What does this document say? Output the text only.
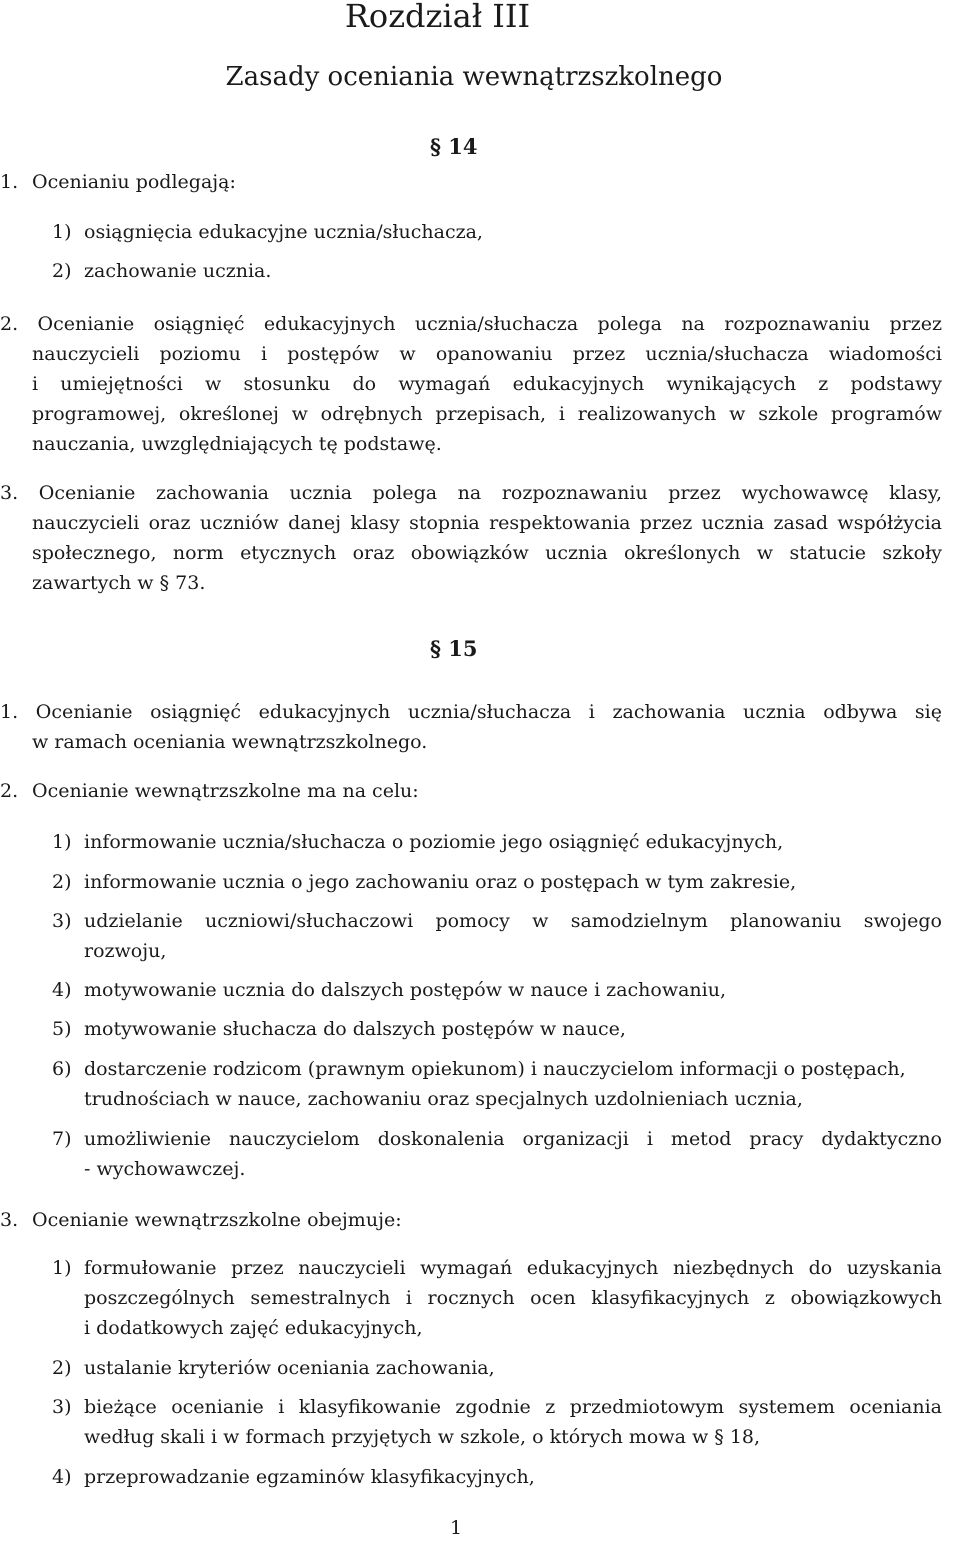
Rozdział III
Zasady oceniania wewnątrzszkolnego
§ 14
1. Ocenianiu podlegają:
1) osiągnięcia edukacyjne ucznia/słuchacza,
2) zachowanie ucznia.
2. Ocenianie osiągnięć edukacyjnych ucznia/słuchacza polega na rozpoznawaniu przez
nauczycieli poziomu i postępów w opanowaniu przez ucznia/słuchacza wiadomości
i umiejętności w stosunku do wymagań edukacyjnych wynikających z podstawy
programowej, określonej w odrębnych przepisach, i realizowanych w szkole programów
nauczania, uwzględniających tę podstawę.
3. Ocenianie zachowania ucznia polega na rozpoznawaniu przez wychowawcę klasy,
nauczycieli oraz uczniów danej klasy stopnia respektowania przez ucznia zasad współżycia
społecznego, norm etycznych oraz obowiązków ucznia określonych w statucie szkoły
zawartych w § 73.
§ 15
1. Ocenianie osiągnięć edukacyjnych ucznia/słuchacza i zachowania ucznia odbywa się
w ramach oceniania wewnątrzszkolnego.
2. Ocenianie wewnątrzszkolne ma na celu:
1) informowanie ucznia/słuchacza o poziomie jego osiągnięć edukacyjnych,
2) informowanie ucznia o jego zachowaniu oraz o postępach w tym zakresie,
3) udzielanie uczniowi/słuchaczowi pomocy w samodzielnym planowaniu swojego
rozwoju,
4) motywowanie ucznia do dalszych postępów w nauce i zachowaniu,
5) motywowanie słuchacza do dalszych postępów w nauce,
6) dostarczenie rodzicom (prawnym opiekunom) i nauczycielom informacji o postępach,
trudnościach w nauce, zachowaniu oraz specjalnych uzdolnieniach ucznia,
7) umożliwienie nauczycielom doskonalenia organizacji i metod pracy dydaktyczno
- wychowawczej.
3. Ocenianie wewnątrzszkolne obejmuje:
1) formułowanie przez nauczycieli wymagań edukacyjnych niezbędnych do uzyskania
poszczególnych semestralnych i rocznych ocen klasyfikacyjnych z obowiązkowych
i dodatkowych zajęć edukacyjnych,
2) ustalanie kryteriów oceniania zachowania,
3) bieżące ocenianie i klasyfikowanie zgodnie z przedmiotowym systemem oceniania
według skali i w formach przyjętych w szkole, o których mowa w § 18,
4) przeprowadzanie egzaminów klasyfikacyjnych,
1
